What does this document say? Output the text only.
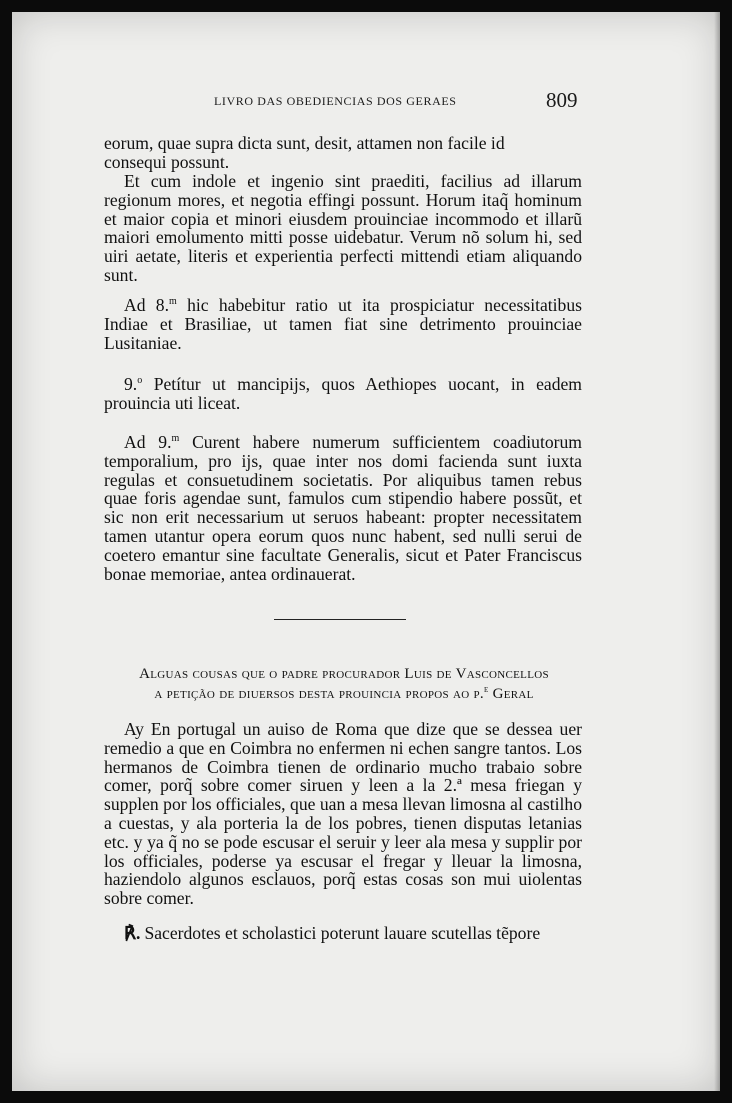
LIVRO DAS OBEDIENCIAS DOS GERAES	809
eorum, quae supra dicta sunt, desit, attamen non facile id
consequi possunt.

Et cum indole et ingenio sint praediti, facilius ad illarum regionum mores, et negotia effingi possunt. Horum itaq̃ hominum et maior copia et minori eiusdem prouinciae incommodo et illarũ maiori emolumento mitti posse uidebatur. Verum nõ solum hi, sed uiri aetate, literis et experientia perfecti mittendi etiam aliquando sunt.

Ad 8.$^m$ hic habebitur ratio ut ita prospiciatur necessitatibus Indiae et Brasiliae, ut tamen fiat sine detrimento prouinciae Lusitaniae.

9.$^o$ Petítur ut mancipijs, quos Aethiopes uocant, in eadem prouincia uti liceat.

Ad 9.$^m$ Curent habere numerum sufficientem coadiutorum temporalium, pro ijs, quae inter nos domi facienda sunt iuxta regulas et consuetudinem societatis. Por aliquibus tamen rebus quae foris agendae sunt, famulos cum stipendio habere possũt, et sic non erit necessarium ut seruos habeant: propter necessitatem tamen utantur opera eorum quos nunc habent, sed nulli serui de coetero emantur sine facultate Generalis, sicut et Pater Franciscus bonae memoriae, antea ordinauerat.

Alguas cousas que o padre procurador Luis de Vasconcellos
a petição de diuersos desta prouincia propos ao p.$^e$ Geral

Ay En portugal un auiso de Roma que dize que se dessea uer remedio a que en Coimbra no enfermen ni echen sangre tantos. Los hermanos de Coimbra tienen de ordinario mucho trabaio sobre comer, porq̃ sobre comer siruen y leen a la 2.ª mesa friegan y supplen por los officiales, que uan a mesa llevan limosna al castilho a cuestas, y ala porteria la de los pobres, tienen disputas letanias etc. y ya q̃ no se pode escusar el seruir y leer ala mesa y supplir por los officiales, poderse ya escusar el fregar y lleuar la limosna, haziendolo algunos esclauos, porq̃ estas cosas son mui uiolentas sobre comer.

℟. Sacerdotes et scholastici poterunt lauare scutellas tẽpore
